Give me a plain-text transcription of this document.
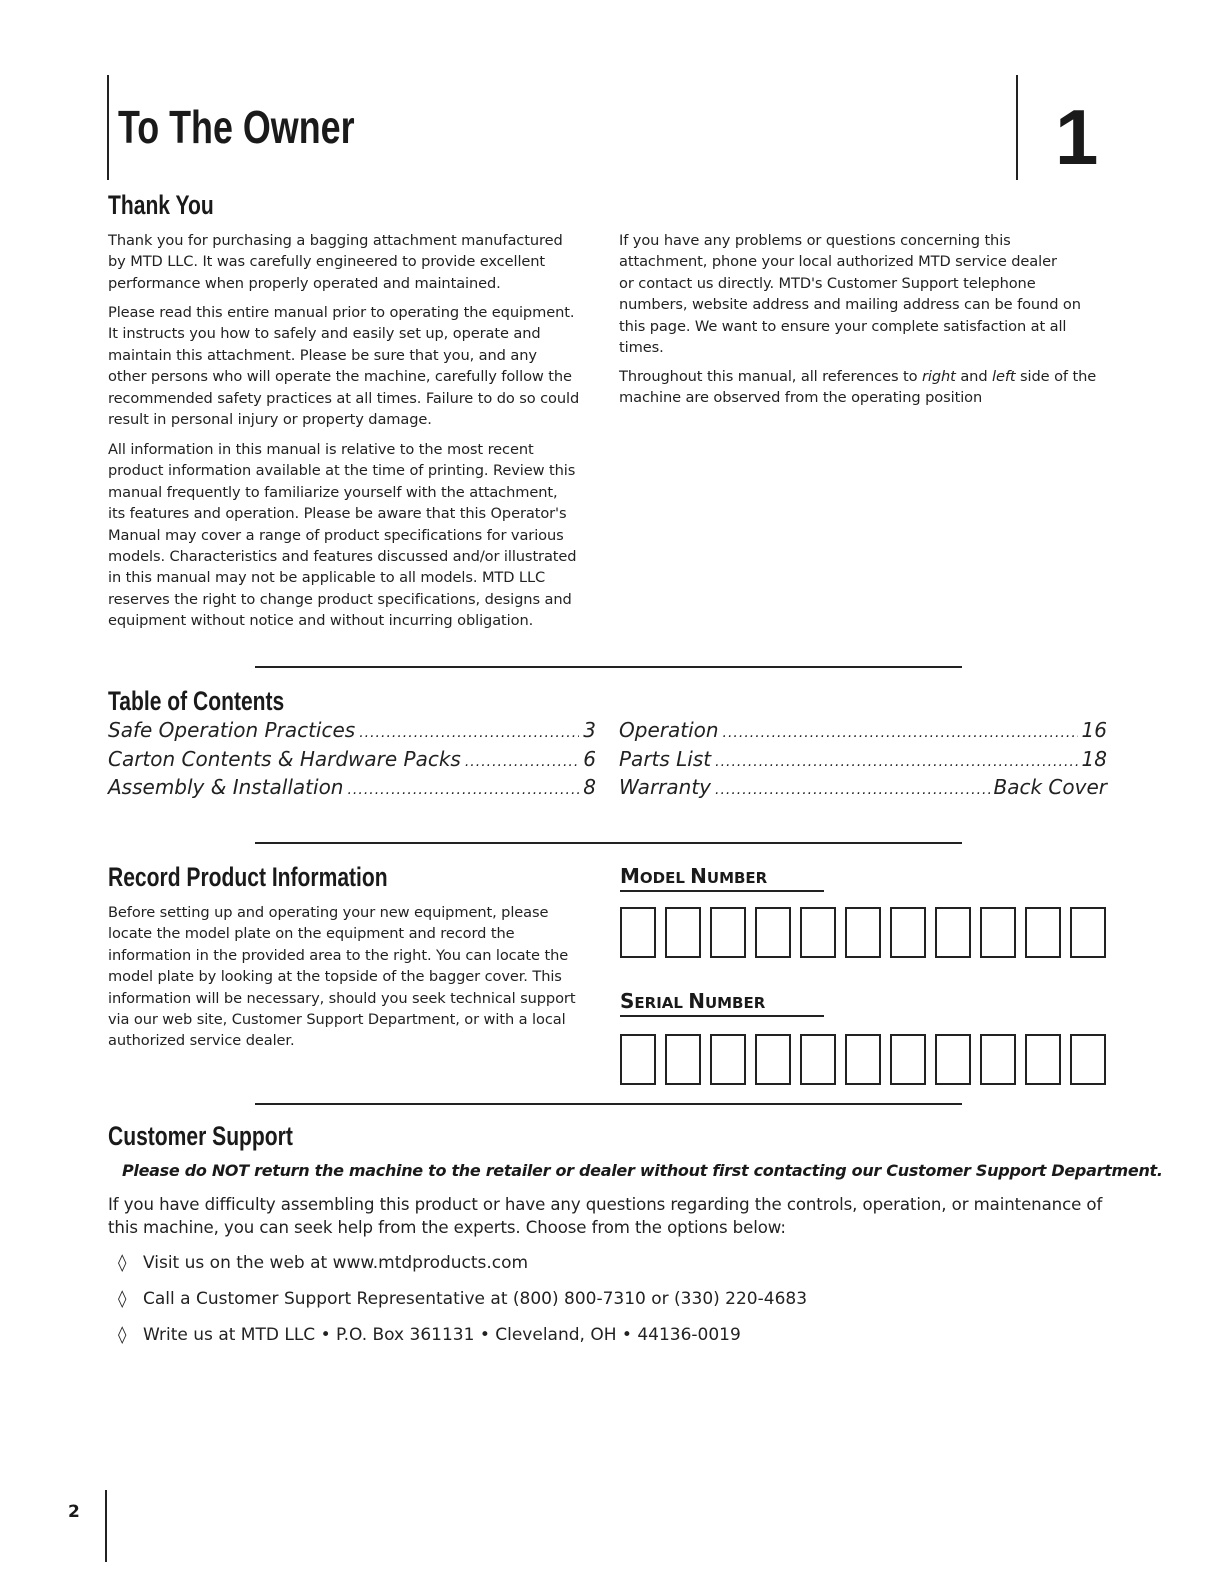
To The Owner	1
Thank You
Thank you for purchasing a bagging attachment manufactured
by MTD LLC. It was carefully engineered to provide excellent
performance when properly operated and maintained.
Please read this entire manual prior to operating the equipment.
It instructs you how to safely and easily set up, operate and
maintain this attachment. Please be sure that you, and any
other persons who will operate the machine, carefully follow the
recommended safety practices at all times. Failure to do so could
result in personal injury or property damage.
All information in this manual is relative to the most recent
product information available at the time of printing. Review this
manual frequently to familiarize yourself with the attachment,
its features and operation. Please be aware that this Operator's
Manual may cover a range of product specifications for various
models. Characteristics and features discussed and/or illustrated
in this manual may not be applicable to all models. MTD LLC
reserves the right to change product specifications, designs and
equipment without notice and without incurring obligation.
If you have any problems or questions concerning this
attachment, phone your local authorized MTD service dealer
or contact us directly. MTD's Customer Support telephone
numbers, website address and mailing address can be found on
this page. We want to ensure your complete satisfaction at all
times.
Throughout this manual, all references to right and left side of the
machine are observed from the operating position
Table of Contents
Safe Operation Practices .....	3
Carton Contents & Hardware Packs .....	6
Assembly & Installation .....	8
Operation .....	16
Parts List .....	18
Warranty .....	Back Cover
Record Product Information
Before setting up and operating your new equipment, please
locate the model plate on the equipment and record the
information in the provided area to the right. You can locate the
model plate by looking at the topside of the bagger cover. This
information will be necessary, should you seek technical support
via our web site, Customer Support Department, or with a local
authorized service dealer.
MODEL NUMBER
SERIAL NUMBER
Customer Support
Please do NOT return the machine to the retailer or dealer without first contacting our Customer Support Department.
If you have difficulty assembling this product or have any questions regarding the controls, operation, or maintenance of
this machine, you can seek help from the experts. Choose from the options below:
◊ Visit us on the web at www.mtdproducts.com
◊ Call a Customer Support Representative at (800) 800-7310 or (330) 220-4683
◊ Write us at MTD LLC • P.O. Box 361131 • Cleveland, OH • 44136-0019
2
